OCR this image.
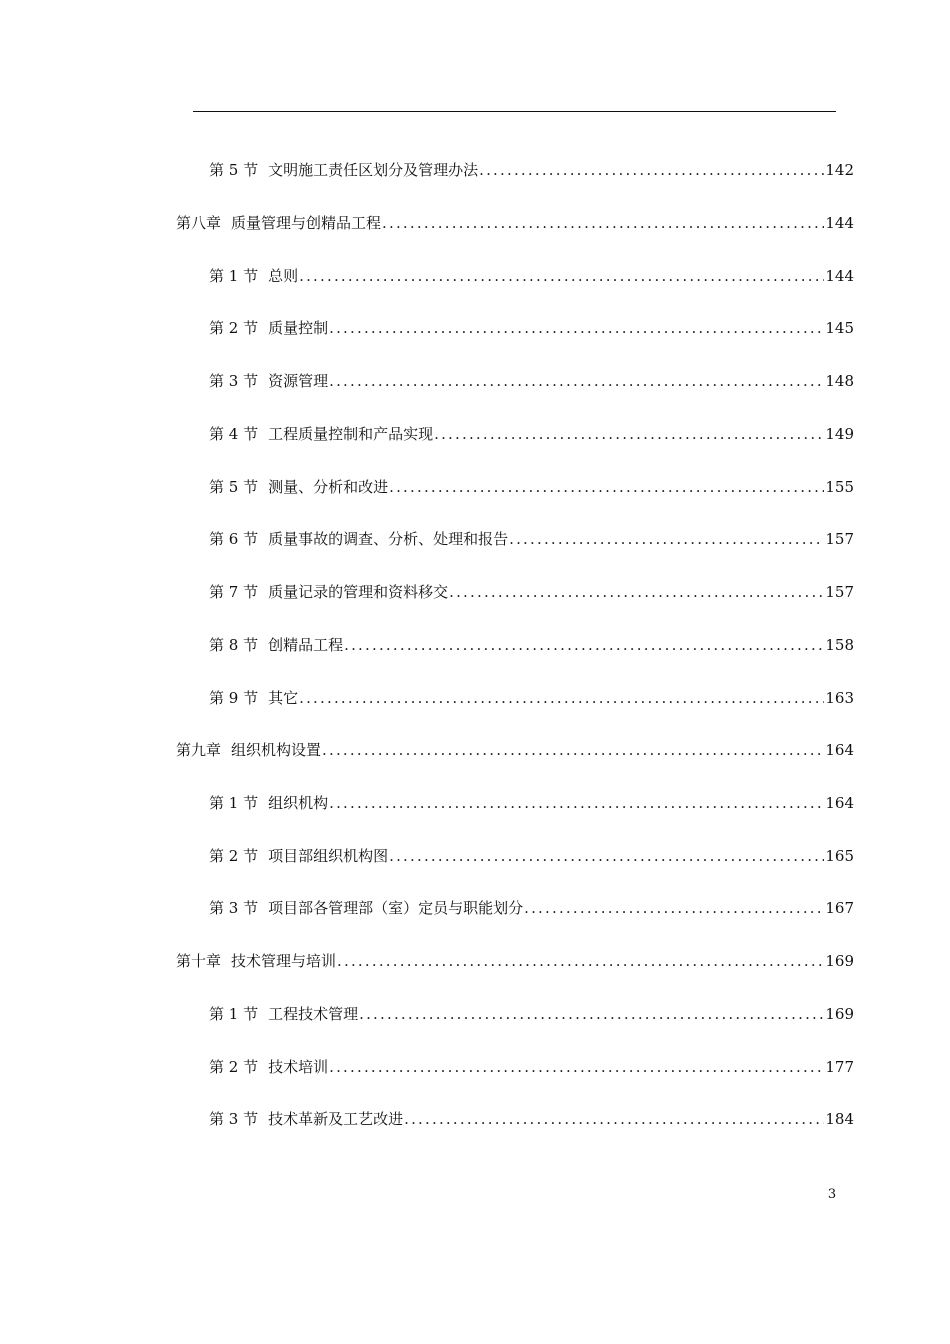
第 5 节 文明施工责任区划分及管理办法 .....	142
第八章 质量管理与创精品工程 .....	144
第 1 节 总则 .....	144
第 2 节 质量控制 .....	145
第 3 节 资源管理 .....	148
第 4 节 工程质量控制和产品实现 .....	149
第 5 节 测量、分析和改进 .....	155
第 6 节 质量事故的调查、分析、处理和报告 .....	157
第 7 节 质量记录的管理和资料移交 .....	157
第 8 节 创精品工程 .....	158
第 9 节 其它 .....	163
第九章 组织机构设置 .....	164
第 1 节 组织机构 .....	164
第 2 节 项目部组织机构图 .....	165
第 3 节 项目部各管理部（室）定员与职能划分 .....	167
第十章 技术管理与培训 .....	169
第 1 节 工程技术管理 .....	169
第 2 节 技术培训 .....	177
第 3 节 技术革新及工艺改进 .....	184
3
